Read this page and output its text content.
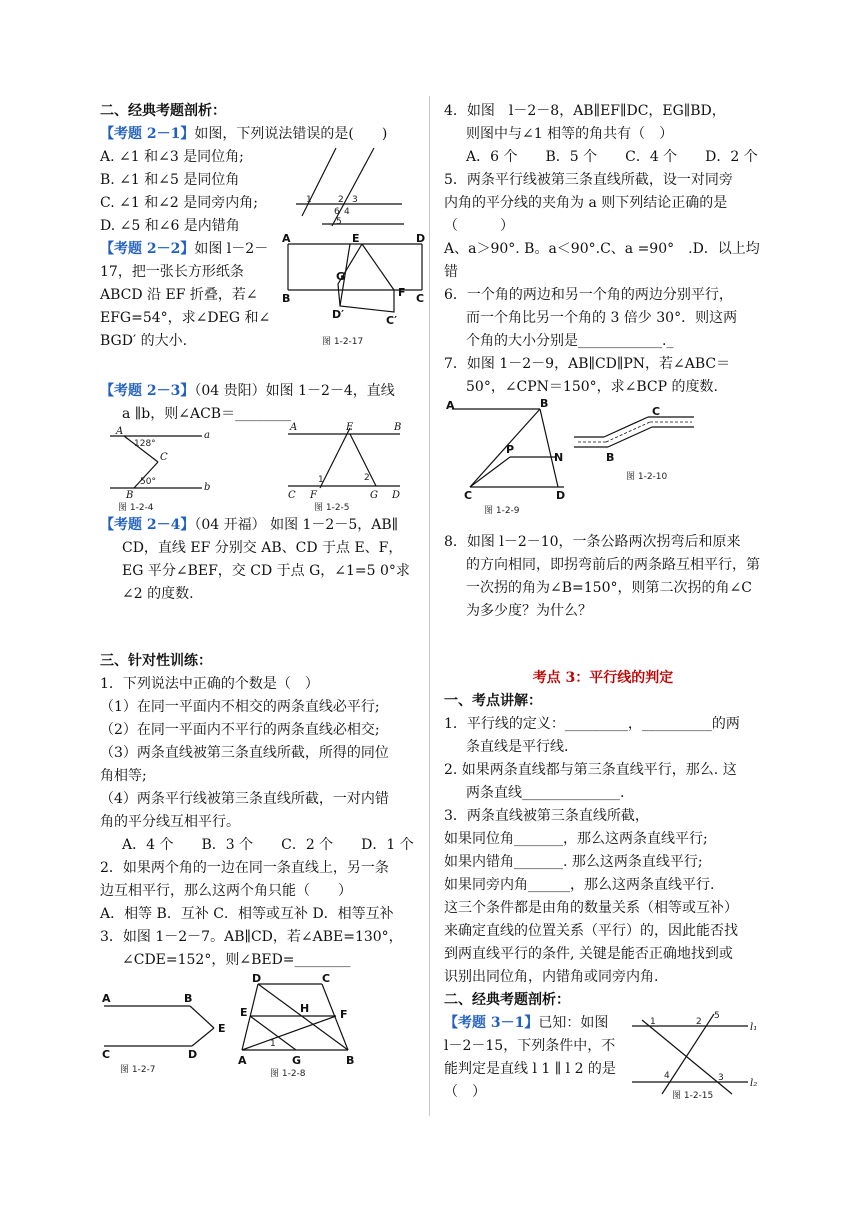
二、经典考题剖析：

【考题 2－1】如图，下列说法错误的是(　　)

A. ∠1 和∠3 是同位角;

B. ∠1 和∠5 是同位角

C. ∠1 和∠2 是同旁内角;

D. ∠5 和∠6 是内错角

1	2 3
6 4
5

【考题 2－2】如图 l－2－

17，把一张长方形纸条

ABCD 沿 EF 折叠，若∠

EFG=54°，求∠DEG 和∠

BGD′ 的大小.

A	E	D
B
G
F C
D′	C′
图 1-2-17

【考题 2－3】（04 贵阳）如图 1－2－4，直线

a ∥b，则∠ACB＝________

A
128°
a
C
50°
B
b
图 1-2-4
A	E	B
1	2
C F	G D
图 1-2-5

【考题 2－4】（04 开福） 如图 1－2－5，AB∥

CD，直线 EF 分别交 AB、CD 于点 E、F，

EG 平分∠BEF，交 CD 于点 G，∠1=5 0°求

∠2 的度数.

三、针对性训练：

1．下列说法中正确的个数是（　）

（1）在同一平面内不相交的两条直线必平行;

（2）在同一平面内不平行的两条直线必相交;

（3）两条直线被第三条直线所截，所得的同位

角相等;

（4）两条平行线被第三条直线所截，一对内错

角的平分线互相平行。

A．4 个　　B．3 个　　C．2 个　　D．1 个

2．如果两个角的一边在同一条直线上，另一条

边互相平行，那么这两个角只能（　　）

A．相等 B．互补 C．相等或互补 D．相等互补

3．如图 1－2－7。AB∥CD，若∠ABE=130°，

∠CDE=152°，则∠BED=________

A	B
E
C	D
图 1-2-7
D	C
H	F
E
1
A	G	B
图 1-2-8

4．如图　l－2－8，AB∥EF∥DC，EG∥BD，

则图中与∠1 相等的角共有（　）

A．6 个　　B．5 个　　C．4 个　　D．2 个

5．两条平行线被第三条直线所截，设一对同旁

内角的平分线的夹角为 a 则下列结论正确的是

（　　　）

A、a＞90°. B。a＜90°.C、a =90°　.D．以上均

错

6．一个角的两边和另一个角的两边分别平行，

而一个角比另一个角的 3 倍少 30°．则这两

个角的大小分别是____________._

7．如图 1－2－9，AB∥CD∥PN，若∠ABC＝

50°，∠CPN＝150°，求∠BCP 的度数.

A	B
P
N
C	D
图 1-2-9
C
B
图 1-2-10

8．如图 l－2－10，一条公路两次拐弯后和原来

的方向相同，即拐弯前后的两条路互相平行，第

一次拐的角为∠B=150°，则第二次拐的角∠C

为多少度？为什么？

考点 3：平行线的判定

一、考点讲解：

1．平行线的定义：_________，__________的两

条直线是平行线.

2. 如果两条直线都与第三条直线平行，那么. 这

两条直线______________.

3．两条直线被第三条直线所截，

如果同位角_______，那么这两条直线平行;

如果内错角_______. 那么这两条直线平行;

如果同旁内角______，那么这两条直线平行.

这三个条件都是由角的数量关系（相等或互补）

来确定直线的位置关系（平行）的，因此能否找

到两直线平行的条件, 关键是能否正确地找到或

识别出同位角，内错角或同旁内角.

二、经典考题剖析：

【考题 3－1】已知：如图

l－2－15，下列条件中，不

能判定是直线 l 1 ∥ l 2 的是

（　）

5
1	2	l₁
4	3	l₂
图 1-2-15
